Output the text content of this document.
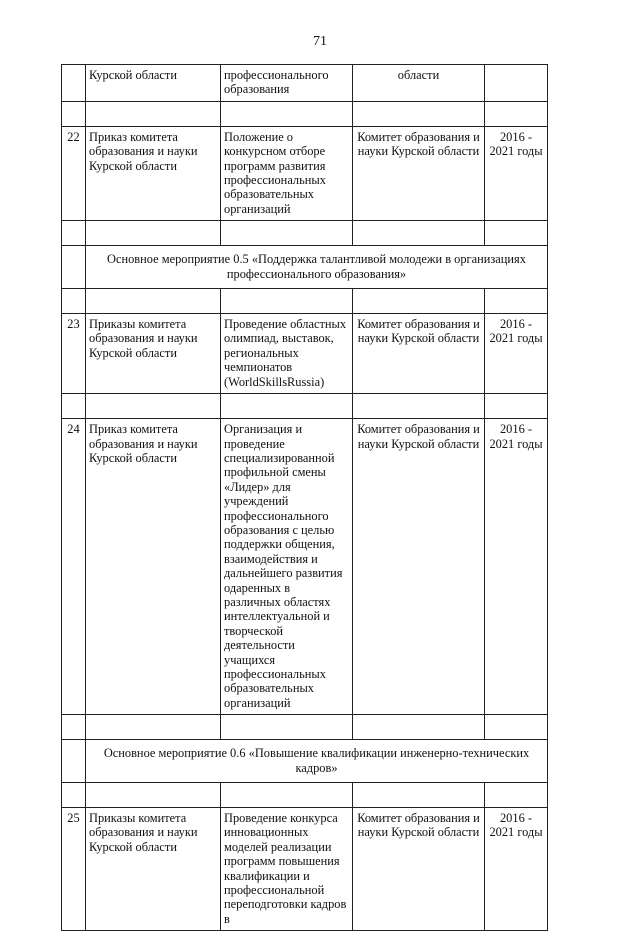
71
	Курской области	профессионального образования	области	

22	Приказ комитета образования и науки Курской области	Положение о конкурсном отборе программ развития профессиональных образовательных организаций	Комитет образования и науки Курской области	2016 - 2021 годы

	Основное мероприятие 0.5 «Поддержка талантливой молодежи в организациях профессионального образования»			

23	Приказы комитета образования и науки Курской области	Проведение областных олимпиад, выставок, региональных чемпионатов (WorldSkillsRussia)	Комитет образования и науки Курской области	2016 - 2021 годы

24	Приказ комитета образования и науки Курской области	Организация и проведение специализированной профильной смены «Лидер» для учреждений профессионального образования с целью поддержки общения, взаимодействия и дальнейшего развития одаренных в различных областях интеллектуальной и творческой деятельности учащихся профессиональных образовательных организаций	Комитет образования и науки Курской области	2016 - 2021 годы

	Основное мероприятие 0.6 «Повышение квалификации инженерно-технических кадров»			

25	Приказы комитета образования и науки Курской области	Проведение конкурса инновационных моделей реализации программ повышения квалификации и профессиональной переподготовки кадров в	Комитет образования и науки Курской области	2016 - 2021 годы
